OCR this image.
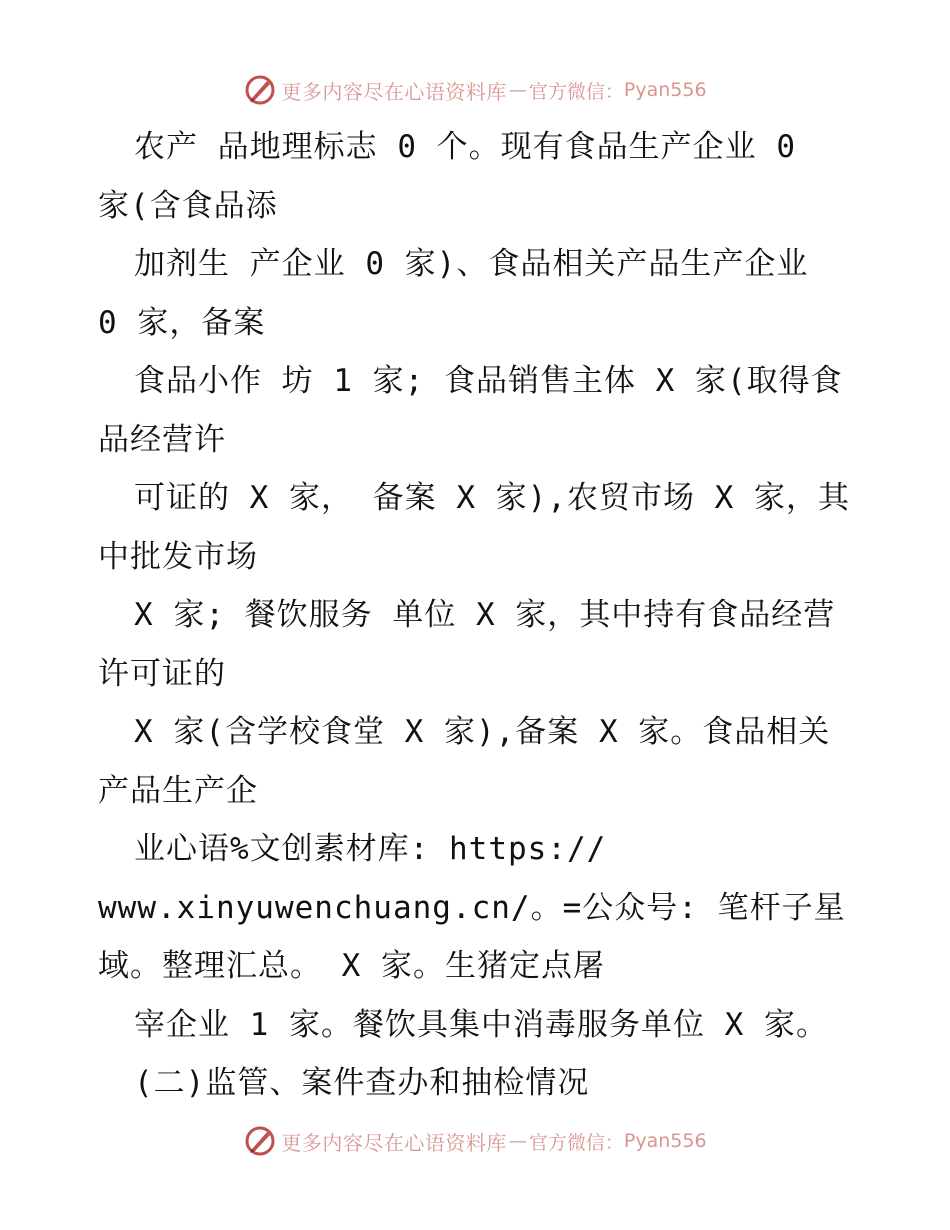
更多内容尽在心语资料库 — 官方微信： Pyan556
农产 品地理标志 0 个。现有食品生产企业 0
家(含食品添
加剂生 产企业 0 家)、食品相关产品生产企业
0 家，备案
食品小作 坊 1 家; 食品销售主体 X 家(取得食
品经营许
可证的 X 家， 备案 X 家),农贸市场 X 家，其
中批发市场
X 家; 餐饮服务 单位 X 家，其中持有食品经营
许可证的
X 家(含学校食堂 X 家),备案 X 家。食品相关
产品生产企
业心语%文创素材库: https://
www.xinyuwenchuang.cn/。=公众号: 笔杆子星
域。整理汇总。 X 家。生猪定点屠
宰企业 1 家。餐饮具集中消毒服务单位 X 家。
(二)监管、案件查办和抽检情况
更多内容尽在心语资料库 — 官方微信： Pyan556
